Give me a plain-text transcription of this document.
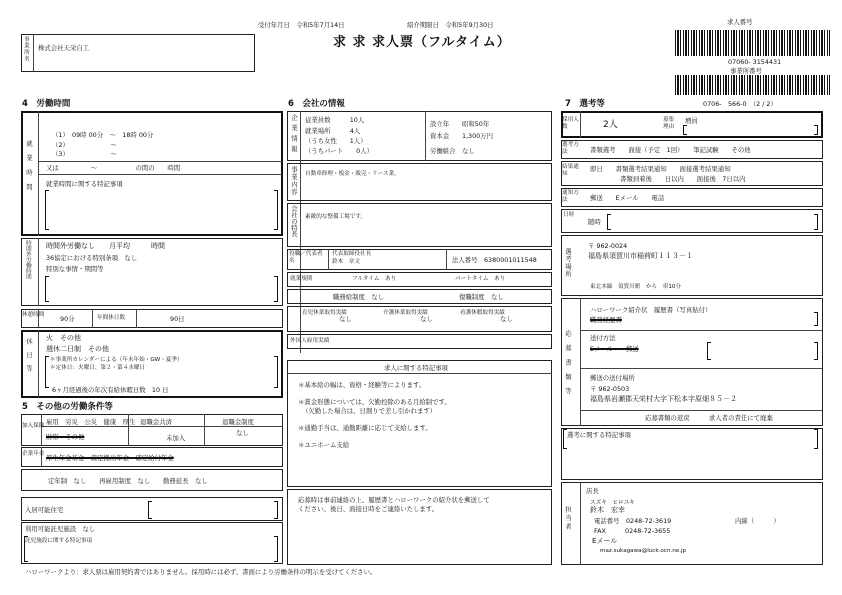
受付年月日　令和5年7月14日	紹介期限日　令和5年9月30日
求 求 求人票（フルタイム）
求人番号
07060- 3154431
事業所番号
0706-　566-0　（2 / 2）
事業所名 株式会社天栄自工
4　労働時間
就業時間
（1）　09時 00分　～　18時 00分
（2）　　　　　　　～
（3）　　　　　　　～
又は　　　　　～　　　　　　の間の　　時間
就業時間に関する特記事項
時間外労働時間 時間外労働なし　　月平均　　　時間
36協定における特別条項　なし
特別な事情・期間等
休憩時間 90分	年間休日数	90日
休日等 火　その他
週休二日制　その他
＊事業所カレンダーによる（年末年始・GW・夏季）
＊定休日：火曜日、第２・第４水曜日
6ヶ月経過後の年次有給休暇日数　10 日
5　その他の労働条件等
加入保険 雇用　労災　公災　健康　厚生
財形　その他
退職金共済
未加入
退職金制度
なし
企業年金 厚生年金基金　確定拠出年金　確定給付年金
定年制　なし　　再雇用制度　なし　　勤務延長　なし
入居可能住宅
利用可能託児施設　なし
託児施設に関する特記事項
6　会社の情報
企業情報 従業員数　　　10人
就業場所　　　4人
（うち女性　　1人）
（うちパート　　0人）
設立年　　昭和50年
資本金　　1,300万円
労働組合　なし
事業内容 自動車修理・板金・販売・リース業。
会社の特長 素敵的な整備工場です。
役職／代表者名
代表取締役社長
鈴木　章文	法人番号　6380001011548
就業規則	フルタイム　あり	パートタイム　あり
職務給制度　なし	復職制度　なし
育児休業取得実績
なし
介護休業取得実績
なし
看護休暇取得実績
なし
外国人雇用実績
求人に関する特記事項
＊基本給の幅は、資格・経験等によります。
＊賞金形態については、欠勤控除のある月給制です。
（欠勤した場合は、日割りで差し引かれます）
＊通勤手当は、通勤距離に応じて支給します。
＊ユニホーム支給
応募時は事前連絡の上、履歴書とハローワークの紹介状を郵送して
ください。後日、面接日時をご連絡いたします。
7　選考等
採用人数	2人	募集理由
増員
選考方法	書類選考　　面接（予定　1回）　　筆記試験　　その他
結果通知
即日　　書類選考結果通知　　面接選考結果通知
書類到着後　　日以内　　面接後　7日以内
通知方法	郵送　　Eメール　　電話
日時
随時
選考場所
〒 962-0024
福島県須賀川市稲荷町１１３－１
東北本線　須賀川駅　から　車10分
応募書類等
ハローワーク紹介状　履歴書（写真貼付）
職務経歴書
送付方法
Eメール　　郵送
郵送の送付場所
〒 962-0503
福島県岩瀬郡天栄村大字下松本字原畑８５－２
応募書類の返戻　　　求人者の責任にて廃棄
選考に関する特記事項
担当者
店長
スズキ　ヒロユキ
鈴木　宏幸
電話番号　0248-72-3619	内線（　　　）
FAX　　　0248-72-3655
Eメール
maz.sukagawa@luck.ocn.ne.jp
ハローワークより：求人票は雇用契約書ではありません。採用時には必ず、書面により労働条件の明示を受けてください。
